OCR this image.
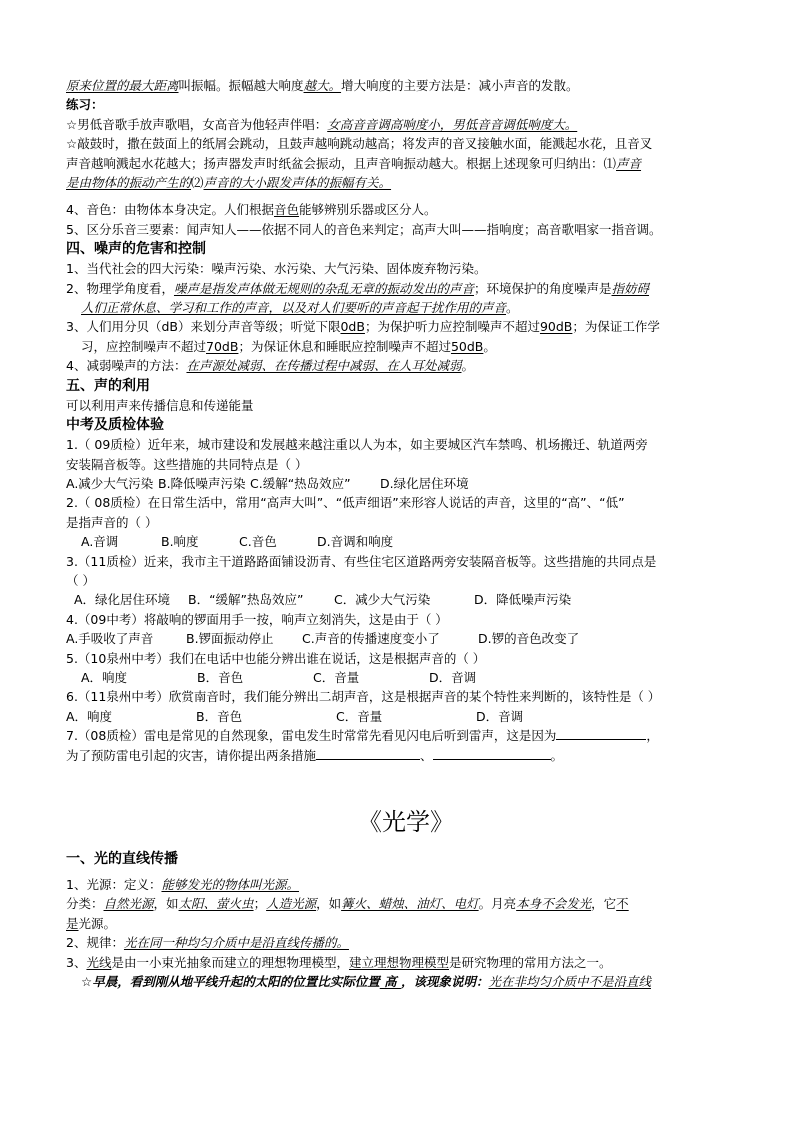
原来位置的最大距离叫振幅。振幅越大响度越大。增大响度的主要方法是：减小声音的发散。
练习：
☆男低音歌手放声歌唱，女高音为他轻声伴唱：女高音音调高响度小，男低音音调低响度大。
☆敲鼓时，撒在鼓面上的纸屑会跳动，且鼓声越响跳动越高；将发声的音叉接触水面，能溅起水花，且音叉
声音越响溅起水花越大；扬声器发声时纸盆会振动，且声音响振动越大。根据上述现象可归纳出：⑴声音
是由物体的振动产生的⑵声音的大小跟发声体的振幅有关。
4、音色：由物体本身决定。人们根据音色能够辨别乐器或区分人。
5、区分乐音三要素：闻声知人——依据不同人的音色来判定；高声大叫——指响度；高音歌唱家一指音调。
四、噪声的危害和控制
1、当代社会的四大污染：噪声污染、水污染、大气污染、固体废弃物污染。
2、物理学角度看，噪声是指发声体做无规则的杂乱无章的振动发出的声音；环境保护的角度噪声是指妨碍
人们正常休息、学习和工作的声音，以及对人们要听的声音起干扰作用的声音。
3、人们用分贝（dB）来划分声音等级；听觉下限0dB；为保护听力应控制噪声不超过90dB；为保证工作学
习，应控制噪声不超过70dB；为保证休息和睡眠应控制噪声不超过50dB。
4、减弱噪声的方法：在声源处减弱、在传播过程中减弱、在人耳处减弱。
五、声的利用
可以利用声来传播信息和传递能量
中考及质检体验
1.（ 09质检）近年来，城市建设和发展越来越注重以人为本，如主要城区汽车禁鸣、机场搬迁、轨道两旁
安装隔音板等。这些措施的共同特点是（ ）
A.减少大气污染 B.降低噪声污染 C.缓解“热岛效应” D.绿化居住环境
2.（ 08质检）在日常生活中，常用“高声大叫”、“低声细语”来形容人说话的声音，这里的“高”、“低”
是指声音的（ ）
A.音调	B.响度	C.音色	D.音调和响度
3.（11质检）近来，我市主干道路路面铺设沥青、有些住宅区道路两旁安装隔音板等。这些措施的共同点是
（ ）
A．绿化居住环境 B．“缓解”热岛效应” C．减少大气污染	D．降低噪声污染
4.（09中考）将敲响的锣面用手一按，响声立刻消失，这是由于（ ）
A.手吸收了声音	B.锣面振动停止 C.声音的传播速度变小了	D.锣的音色改变了
5.（10泉州中考）我们在电话中也能分辨出谁在说话，这是根据声音的（ ）
A．响度	B．音色	C．音量	D．音调
6.（11泉州中考）欣赏南音时，我们能分辨出二胡声音，这是根据声音的某个特性来判断的，该特性是（ ）
A．响度	B．音色	C．音量	D．音调
7.（08质检）雷电是常见的自然现象，雷电发生时常常先看见闪电后听到雷声，这是因为	，
为了预防雷电引起的灾害，请你提出两条措施	、	。
《光学》
一、光的直线传播
1、光源：定义：能够发光的物体叫光源。
分类：自然光源，如太阳、萤火虫；人造光源，如篝火、蜡烛、油灯、电灯。月亮本身不会发光，它不
是光源。
2、规律：光在同一种均匀介质中是沿直线传播的。
3、光线是由一小束光抽象而建立的理想物理模型，建立理想物理模型是研究物理的常用方法之一。
☆早晨，看到刚从地平线升起的太阳的位置比实际位置 高 ，该现象说明：光在非均匀介质中不是沿直线
